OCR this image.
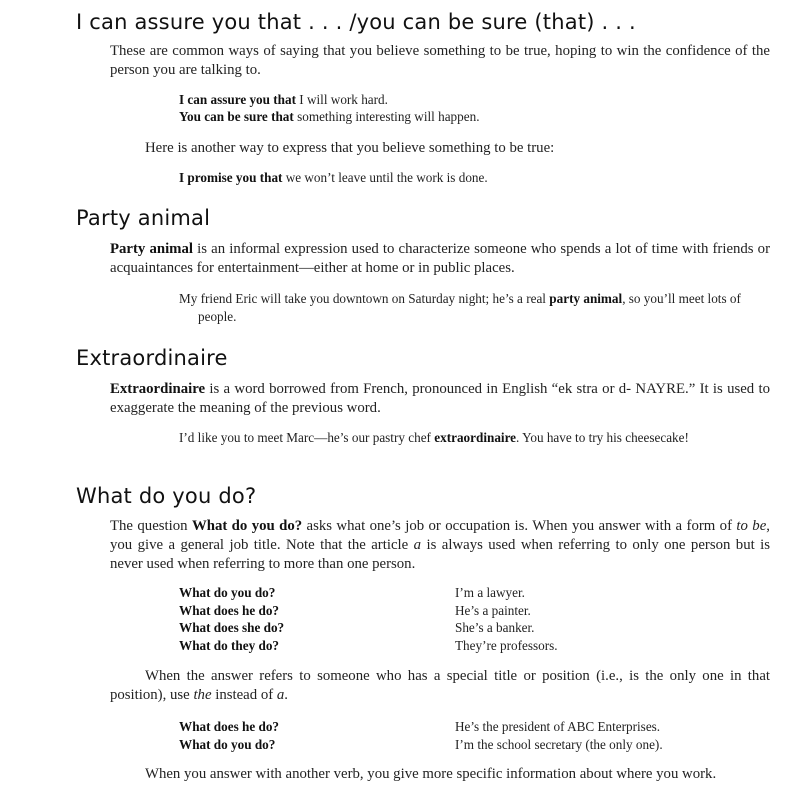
I can assure you that . . . /you can be sure (that) . . .

These are common ways of saying that you believe something to be true, hoping to win the confidence of the person you are talking to.

I can assure you that I will work hard.
You can be sure that something interesting will happen.

Here is another way to express that you believe something to be true:

I promise you that we won’t leave until the work is done.
Party animal

Party animal is an informal expression used to characterize someone who spends a lot of time with friends or acquaintances for entertainment—either at home or in public places.

My friend Eric will take you downtown on Saturday night; he’s a real party animal, so you’ll meet lots of people.
Extraordinaire

Extraordinaire is a word borrowed from French, pronounced in English “ek stra or d- NAYRE.” It is used to exaggerate the meaning of the previous word.

I’d like you to meet Marc—he’s our pastry chef extraordinaire. You have to try his cheesecake!
What do you do?

The question What do you do? asks what one’s job or occupation is. When you answer with a form of to be, you give a general job title. Note that the article a is always used when referring to only one person but is never used when referring to more than one person.

What do you do?	I’m a lawyer.
What does he do?	He’s a painter.
What does she do?	She’s a banker.
What do they do?	They’re professors.

When the answer refers to someone who has a special title or position (i.e., is the only one in that position), use the instead of a.

What does he do?	He’s the president of ABC Enterprises.
What do you do?	I’m the school secretary (the only one).

When you answer with another verb, you give more specific information about where you work.
